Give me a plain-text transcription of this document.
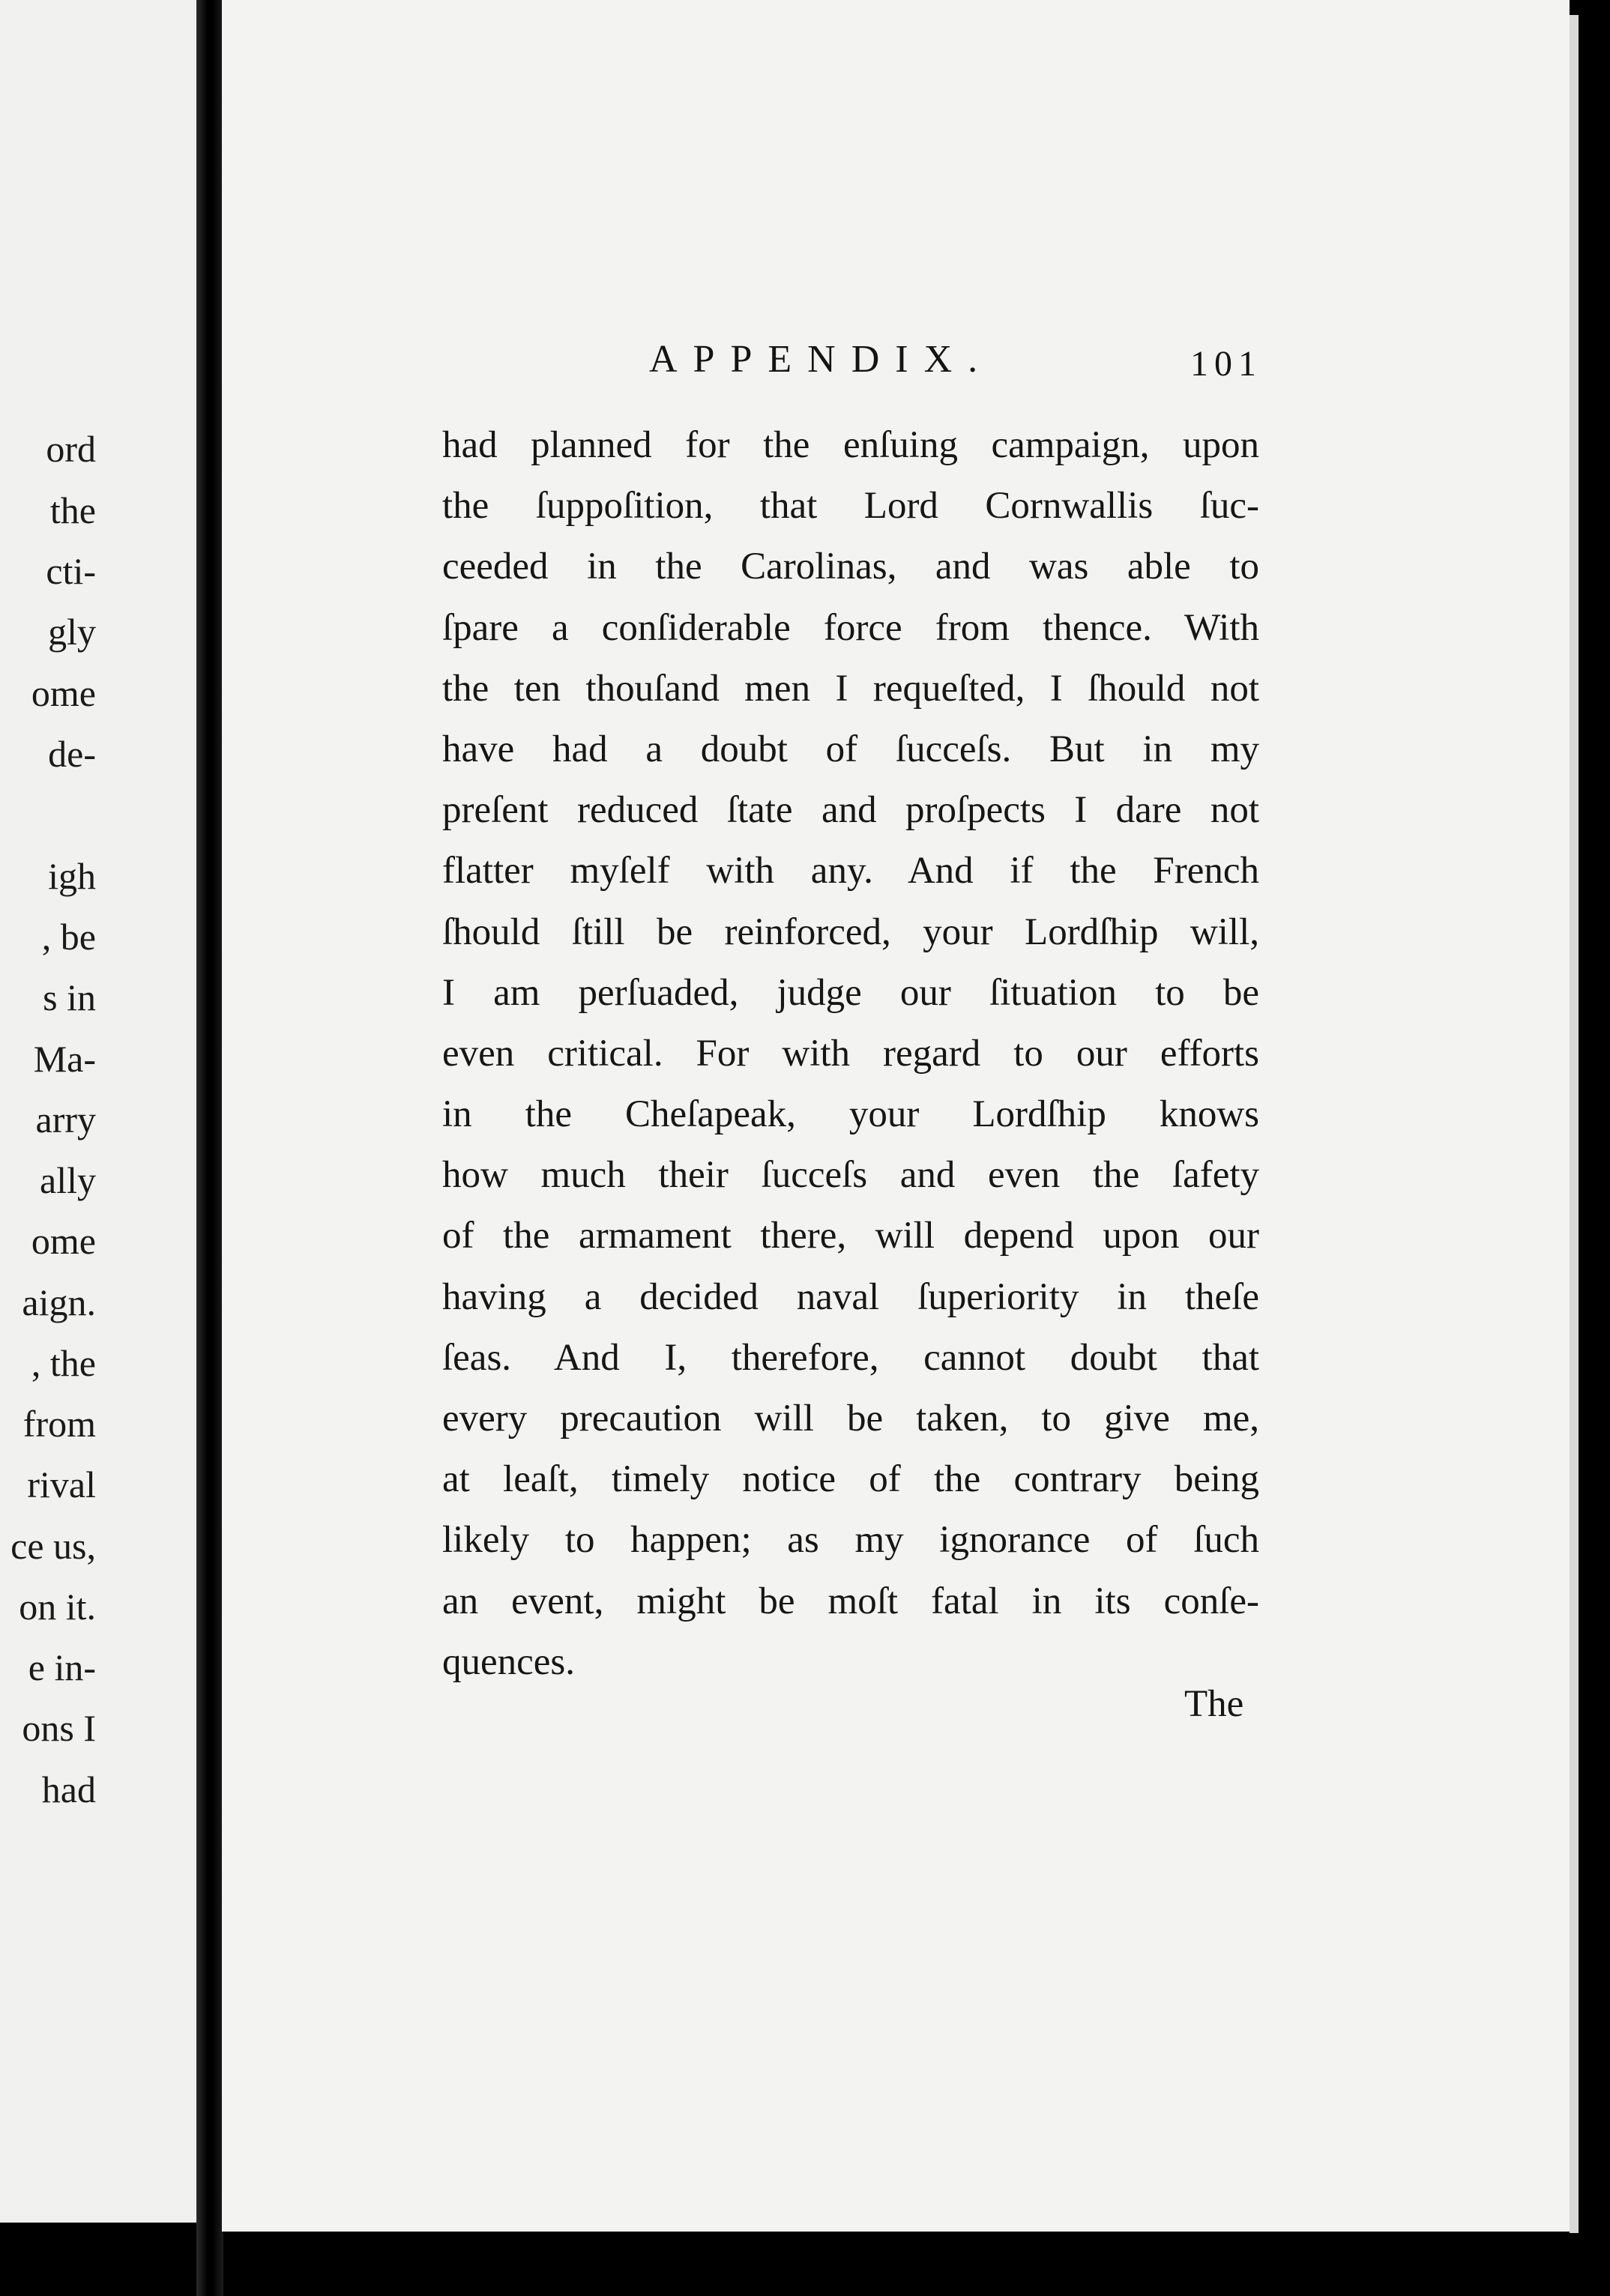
ord
the
cti-
gly
ome
de-
igh
, be
s in
Ma-
arry
ally
ome
aign.
, the
from
rival
ce us,
on it.
e in-
ons I
had
APPENDIX.	101
had planned for the enſuing campaign, upon
the ſuppoſition, that Lord Cornwallis ſuc-
ceeded in the Carolinas, and was able to
ſpare a conſiderable force from thence. With
the ten thouſand men I requeſted, I ſhould not
have had a doubt of ſucceſs. But in my
preſent reduced ſtate and proſpects I dare not
flatter myſelf with any. And if the French
ſhould ſtill be reinforced, your Lordſhip will,
I am perſuaded, judge our ſituation to be
even critical. For with regard to our efforts
in the Cheſapeak, your Lordſhip knows
how much their ſucceſs and even the ſafety
of the armament there, will depend upon our
having a decided naval ſuperiority in theſe
ſeas. And I, therefore, cannot doubt that
every precaution will be taken, to give me,
at leaſt, timely notice of the contrary being
likely to happen; as my ignorance of ſuch
an event, might be moſt fatal in its conſe-
quences.
The
